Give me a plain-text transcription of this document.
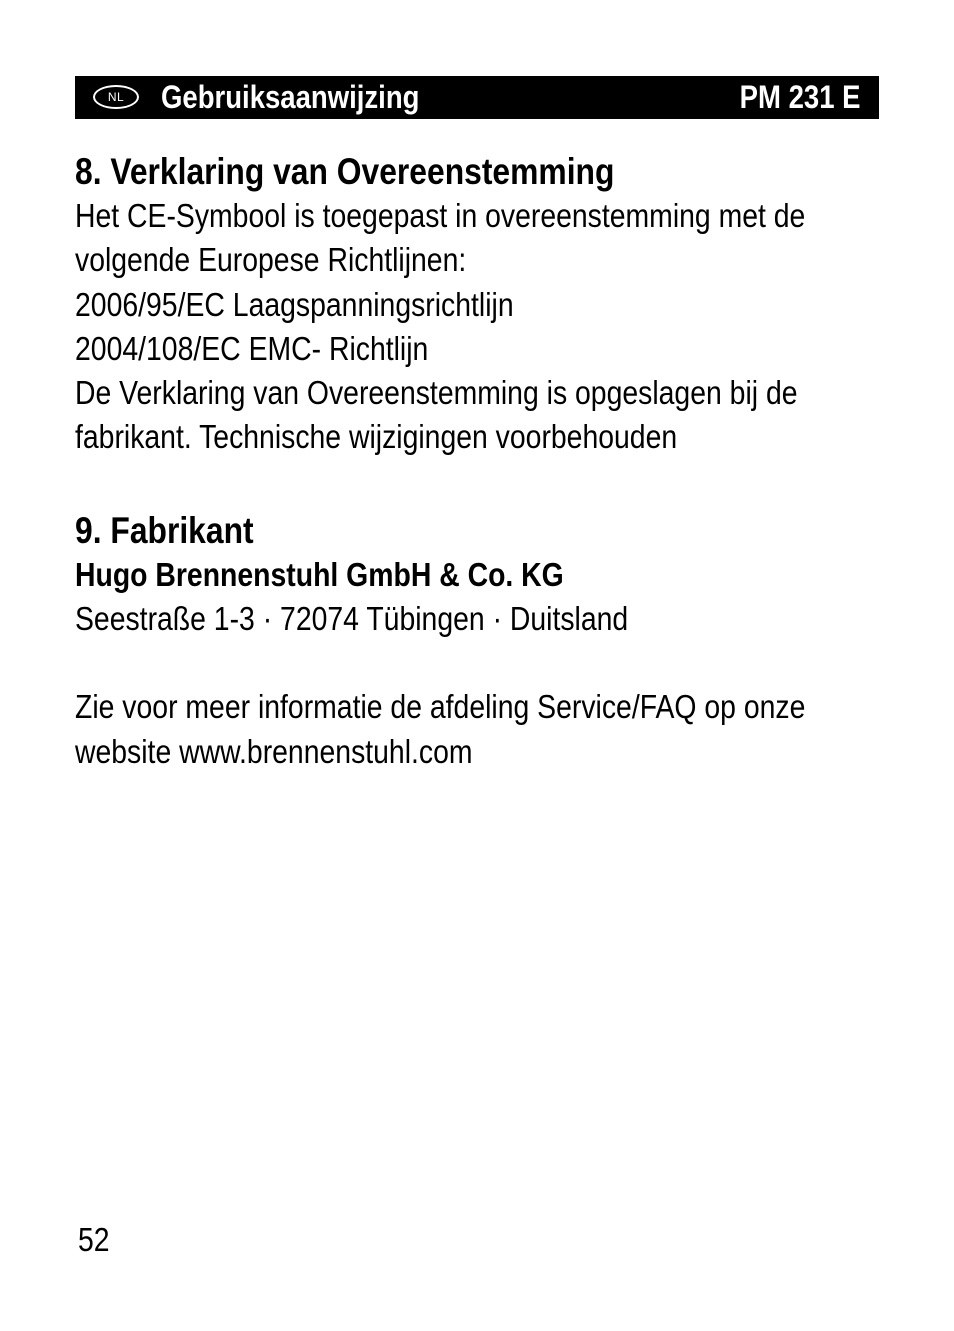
NL	Gebruiksaanwijzing	PM 231 E
8. Verklaring van Overeenstemming

Het CE-Symbool is toegepast in overeenstemming met de

volgende Europese Richtlijnen:

2006/95/EC Laagspanningsrichtlijn

2004/108/EC EMC- Richtlijn

De Verklaring van Overeenstemming is opgeslagen bij de

fabrikant. Technische wijzigingen voorbehouden

9. Fabrikant

Hugo Brennenstuhl GmbH & Co. KG

Seestraße 1-3 · 72074 Tübingen · Duitsland

Zie voor meer informatie de afdeling Service/FAQ op onze

website www.brennenstuhl.com

52
